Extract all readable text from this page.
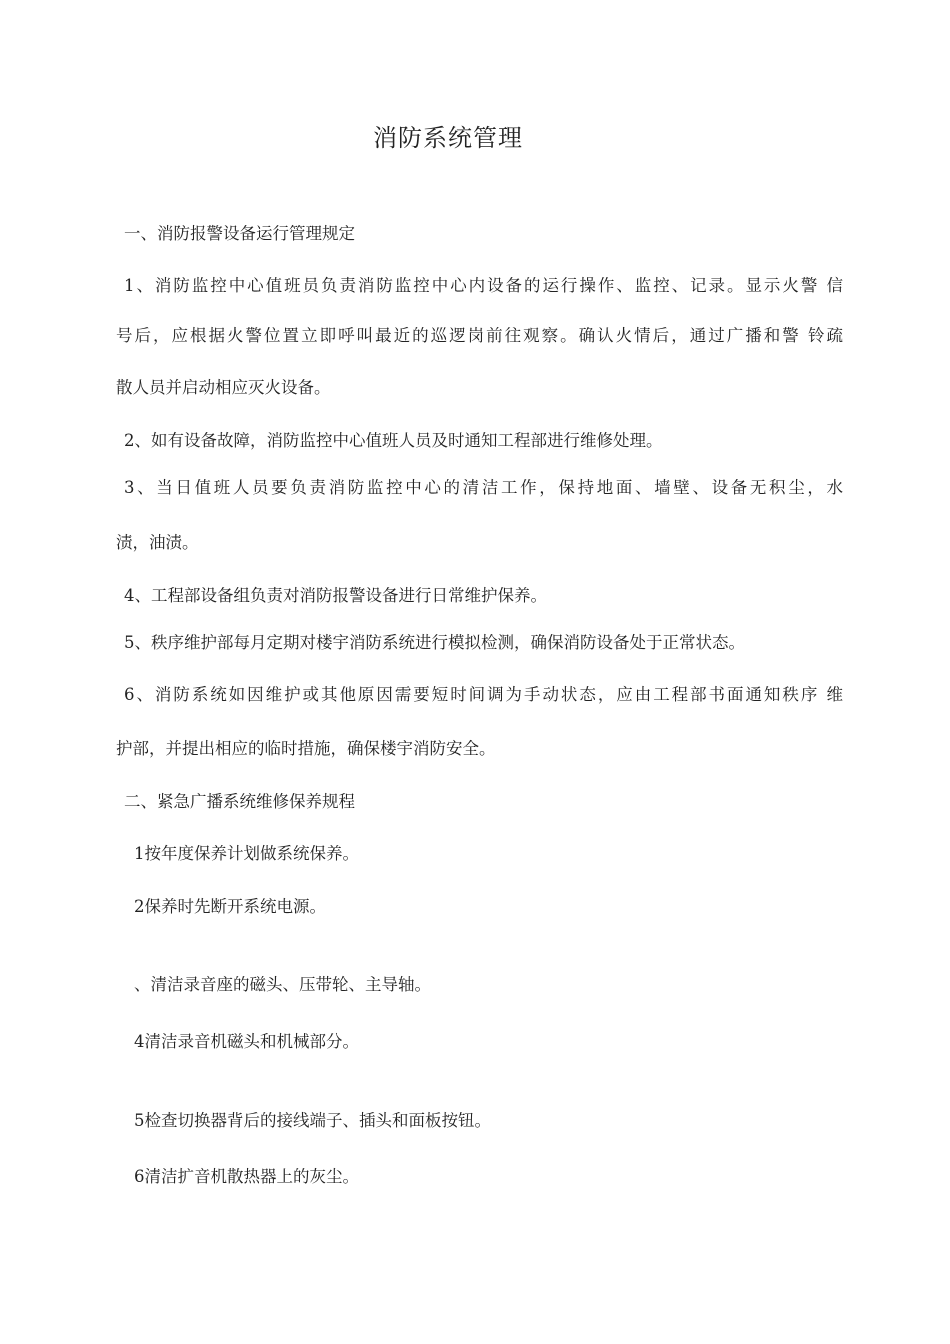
消防系统管理
一、消防报警设备运行管理规定
1、消防监控中心值班员负责消防监控中心内设备的运行操作、监控、记录。显示火警 信
号后，应根据火警位置立即呼叫最近的巡逻岗前往观察。确认火情后，通过广播和警 铃疏
散人员并启动相应灭火设备。
2、如有设备故障，消防监控中心值班人员及时通知工程部进行维修处理。
3、当日值班人员要负责消防监控中心的清洁工作，保持地面、墙壁、设备无积尘，水
渍，油渍。
4、工程部设备组负责对消防报警设备进行日常维护保养。
5、秩序维护部每月定期对楼宇消防系统进行模拟检测，确保消防设备处于正常状态。
6、消防系统如因维护或其他原因需要短时间调为手动状态，应由工程部书面通知秩序 维
护部，并提出相应的临时措施，确保楼宇消防安全。
二、紧急广播系统维修保养规程
1按年度保养计划做系统保养。
2保养时先断开系统电源。
、清洁录音座的磁头、压带轮、主导轴。
4清洁录音机磁头和机械部分。
5检查切换器背后的接线端子、插头和面板按钮。
6清洁扩音机散热器上的灰尘。
